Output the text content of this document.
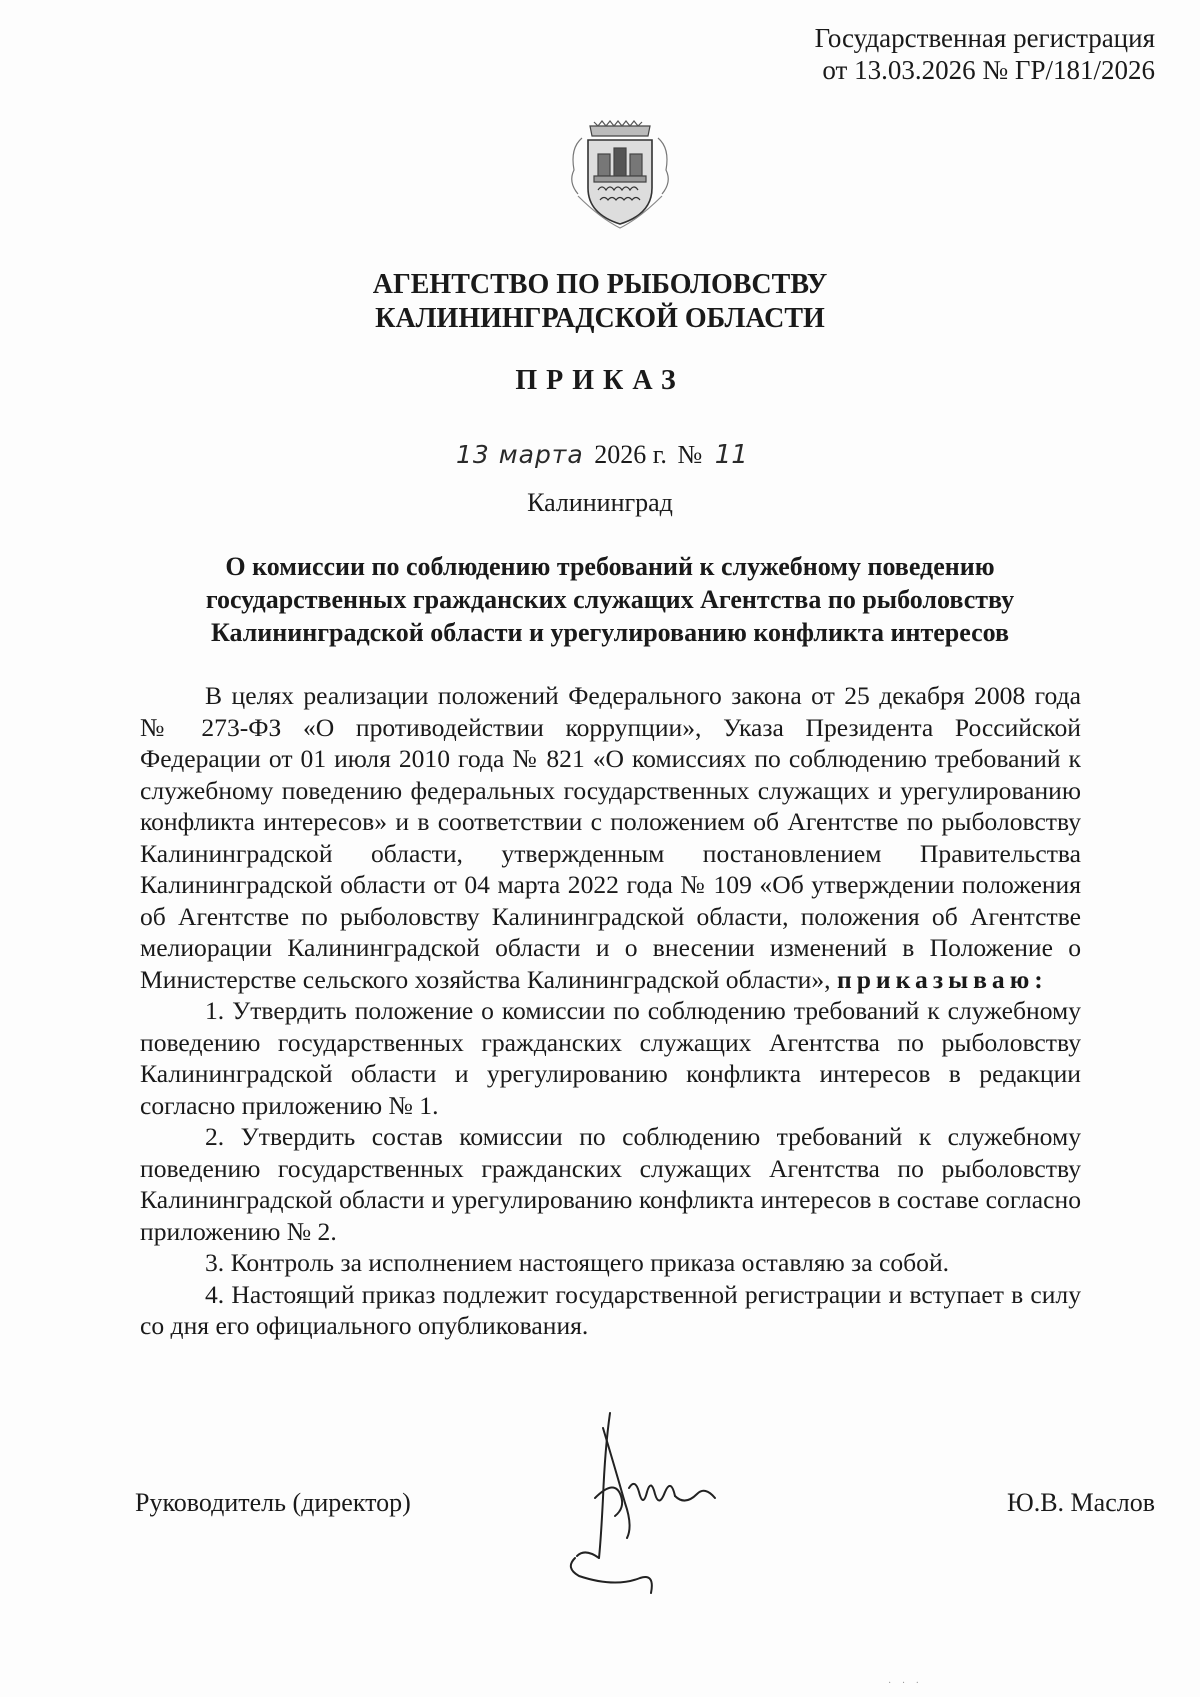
Государственная регистрация
от 13.03.2026 № ГР/181/2026
АГЕНТСТВО ПО РЫБОЛОВСТВУ
КАЛИНИНГРАДСКОЙ ОБЛАСТИ
ПРИКАЗ
13 марта 2026 г. № 11
Калининград
О комиссии по соблюдению требований к служебному поведению
государственных гражданских служащих Агентства по рыболовству
Калининградской области и урегулированию конфликта интересов

В целях реализации положений Федерального закона от 25 декабря 2008 года № 273-ФЗ «О противодействии коррупции», Указа Президента Российской Федерации от 01 июля 2010 года № 821 «О комиссиях по соблюдению требований к служебному поведению федеральных государственных служащих и урегулированию конфликта интересов» и в соответствии с положением об Агентстве по рыболовству Калининградской области, утвержденным постановлением Правительства Калининградской области от 04 марта 2022 года № 109 «Об утверждении положения об Агентстве по рыболовству Калининградской области, положения об Агентстве мелиорации Калининградской области и о внесении изменений в Положение о Министерстве сельского хозяйства Калининградской области», приказываю:

1. Утвердить положение о комиссии по соблюдению требований к служебному поведению государственных гражданских служащих Агентства по рыболовству Калининградской области и урегулированию конфликта интересов в редакции согласно приложению № 1.

2. Утвердить состав комиссии по соблюдению требований к служебному поведению государственных гражданских служащих Агентства по рыболовству Калининградской области и урегулированию конфликта интересов в составе согласно приложению № 2.

3. Контроль за исполнением настоящего приказа оставляю за собой.

4. Настоящий приказ подлежит государственной регистрации и вступает в силу со дня его официального опубликования.

Руководитель (директор)	Ю.В. Маслов
· · ·
